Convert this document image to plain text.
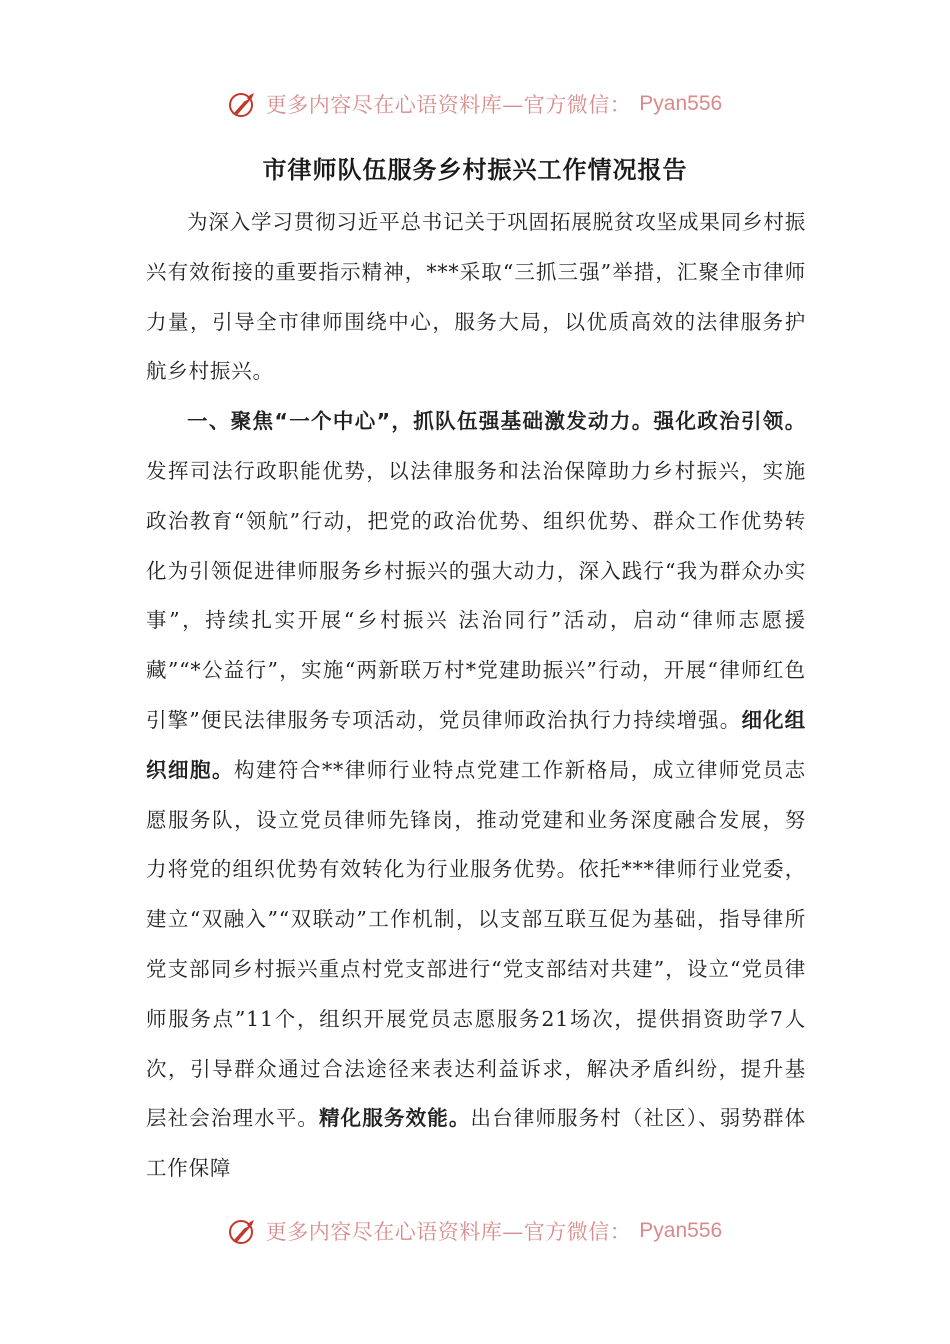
更多内容尽在心语资料库—官方微信： Pyan556
市律师队伍服务乡村振兴工作情况报告

为深入学习贯彻习近平总书记关于巩固拓展脱贫攻坚成果同乡村振兴有效衔接的重要指示精神，***采取“三抓三强”举措，汇聚全市律师力量，引导全市律师围绕中心，服务大局，以优质高效的法律服务护航乡村振兴。

一、聚焦“一个中心”，抓队伍强基础激发动力。强化政治引领。发挥司法行政职能优势，以法律服务和法治保障助力乡村振兴，实施政治教育“领航”行动，把党的政治优势、组织优势、群众工作优势转化为引领促进律师服务乡村振兴的强大动力，深入践行“我为群众办实事”，持续扎实开展“乡村振兴 法治同行”活动，启动“律师志愿援藏”“*公益行”，实施“两新联万村*党建助振兴”行动，开展“律师红色引擎”便民法律服务专项活动，党员律师政治执行力持续增强。细化组织细胞。构建符合**律师行业特点党建工作新格局，成立律师党员志愿服务队，设立党员律师先锋岗，推动党建和业务深度融合发展，努力将党的组织优势有效转化为行业服务优势。依托***律师行业党委，建立“双融入”“双联动”工作机制，以支部互联互促为基础，指导律所党支部同乡村振兴重点村党支部进行“党支部结对共建”，设立“党员律师服务点”11个，组织开展党员志愿服务21场次，提供捐资助学7人次，引导群众通过合法途径来表达利益诉求，解决矛盾纠纷，提升基层社会治理水平。精化服务效能。出台律师服务村（社区）、弱势群体工作保障

更多内容尽在心语资料库—官方微信： Pyan556
